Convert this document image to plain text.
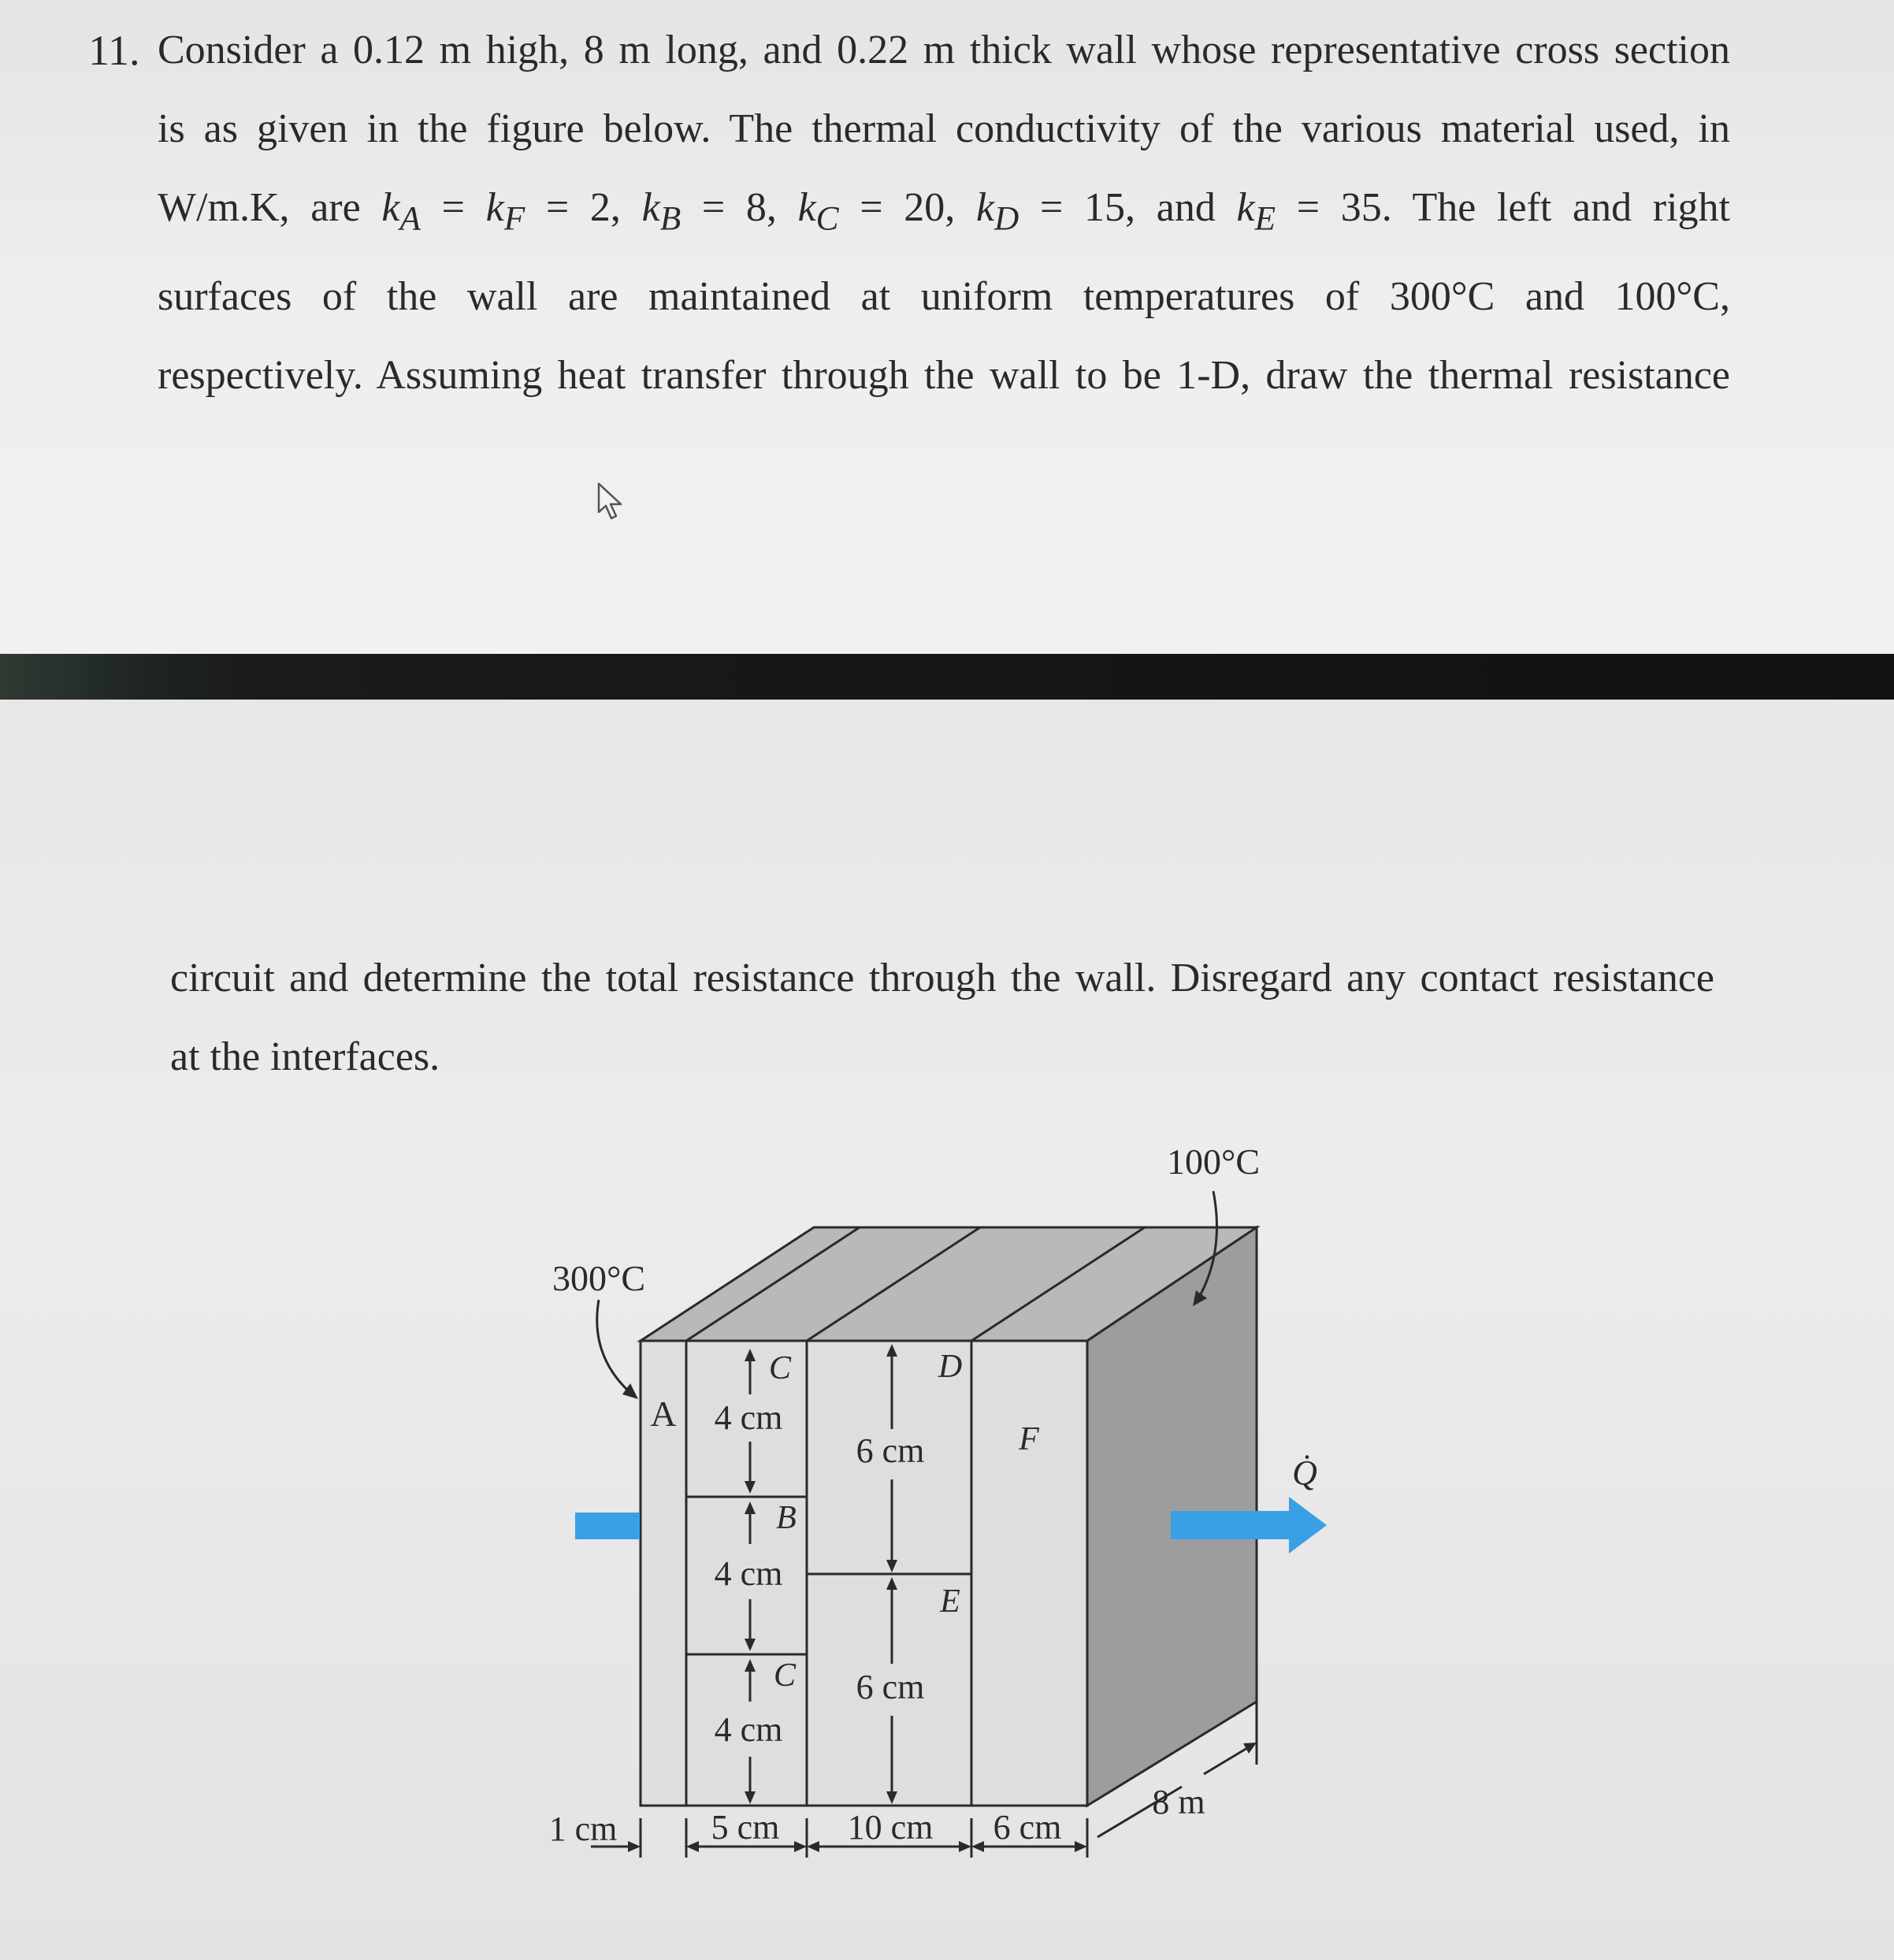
11. Consider a 0.12 m high, 8 m long, and 0.22 m thick wall whose representative cross section
is as given in the figure below. The thermal conductivity of the various material used, in
W/m.K, are $k_A = k_F = 2$, $k_B = 8$, $k_C = 20$, $k_D = 15$, and $k_E = 35$. The left and right
surfaces of the wall are maintained at uniform temperatures of 300°C and 100°C,
respectively. Assuming heat transfer through the wall to be 1-D, draw the thermal resistance
circuit and determine the total resistance through the wall. Disregard any contact resistance
at the interfaces.
A
C
B
C
D
E
F
4 cm
4 cm
4 cm
6 cm
6 cm
1 cm	5 cm 10 cm 6 cm
8 m
300°C
100°C
Q̇
